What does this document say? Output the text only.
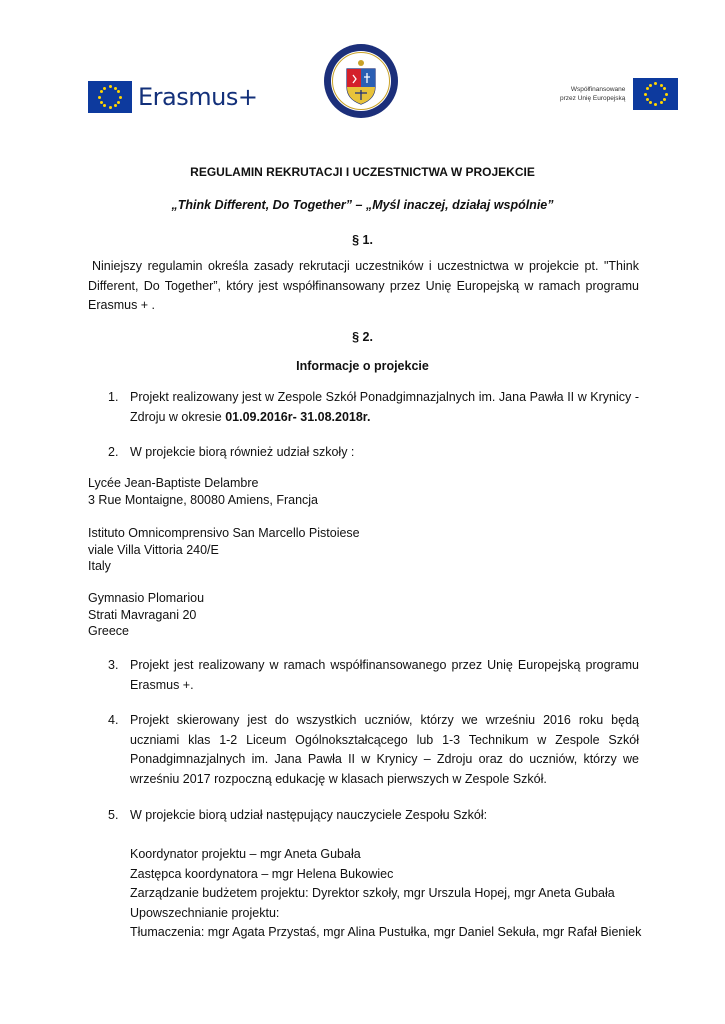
Erasmus+	Współfinansowane
przez Unię Europejską
REGULAMIN REKRUTACJI I UCZESTNICTWA W PROJEKCIE
„Think Different, Do Together” – „Myśl inaczej, działaj wspólnie”
§ 1.
Niniejszy regulamin określa zasady rekrutacji uczestników i uczestnictwa w projekcie pt. "Think Different, Do Together”, który jest współfinansowany przez Unię Europejską w ramach programu Erasmus + .
§ 2.
Informacje o projekcie
1. Projekt realizowany jest w Zespole Szkół Ponadgimnazjalnych im. Jana Pawła II w Krynicy - Zdroju w okresie 01.09.2016r- 31.08.2018r.
2. W projekcie biorą również udział szkoły :
Lycée Jean-Baptiste Delambre
3 Rue Montaigne, 80080 Amiens, Francja
Istituto Omnicomprensivo San Marcello Pistoiese
viale Villa Vittoria 240/E
Italy
Gymnasio Plomariou
Strati Mavragani 20
Greece
3. Projekt jest realizowany w ramach współfinansowanego przez Unię Europejską programu Erasmus +.
4. Projekt skierowany jest do wszystkich uczniów, którzy we wrześniu 2016 roku będą uczniami klas 1-2 Liceum Ogólnokształcącego lub 1-3 Technikum w Zespole Szkół Ponadgimnazjalnych im. Jana Pawła II w Krynicy – Zdroju oraz do uczniów, którzy we wrześniu 2017 rozpoczną edukację w klasach pierwszych w Zespole Szkół.
5. W projekcie biorą udział następujący nauczyciele Zespołu Szkół:
Koordynator projektu – mgr Aneta Gubała
Zastępca koordynatora – mgr Helena Bukowiec
Zarządzanie budżetem projektu: Dyrektor szkoły, mgr Urszula Hopej, mgr Aneta Gubała
Upowszechnianie projektu:
Tłumaczenia: mgr Agata Przystaś, mgr Alina Pustułka, mgr Daniel Sekuła, mgr Rafał Bieniek
